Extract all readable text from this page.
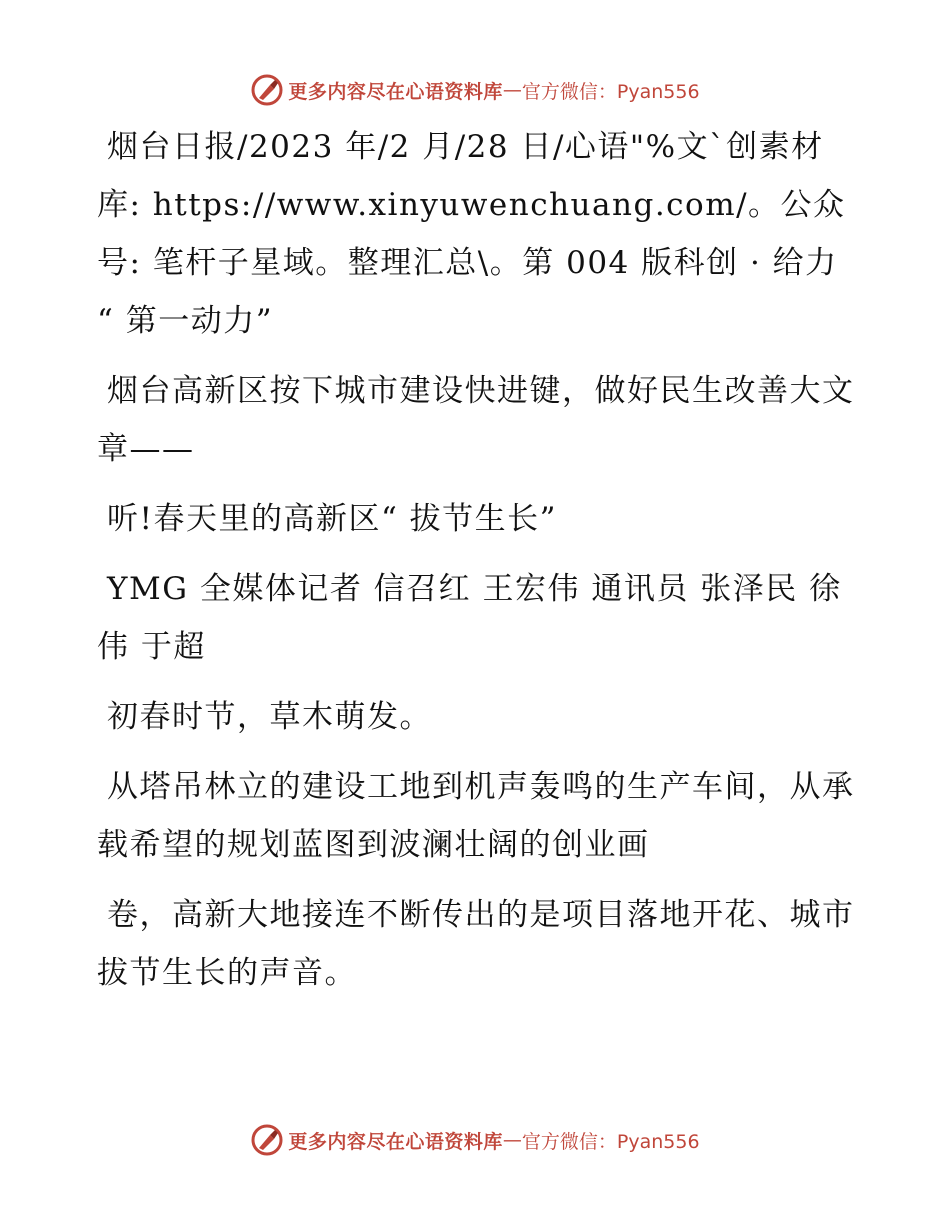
更多内容尽在心语资料库 — 官方微信：Pyan556

烟台日报/2023 年/2 月/28 日/心语"%文`创素材库: https://www.xinyuwenchuang.com/。公众号: 笔杆子星域。整理汇总\。第 004 版科创 · 给力 “ 第一动力”

烟台高新区按下城市建设快进键，做好民生改善大文章——

听!春天里的高新区“ 拔节生长”

YMG 全媒体记者 信召红 王宏伟 通讯员 张泽民 徐伟 于超

初春时节，草木萌发。

从塔吊林立的建设工地到机声轰鸣的生产车间，从承载希望的规划蓝图到波澜壮阔的创业画

卷，高新大地接连不断传出的是项目落地开花、城市拔节生长的声音。

更多内容尽在心语资料库 — 官方微信：Pyan556
